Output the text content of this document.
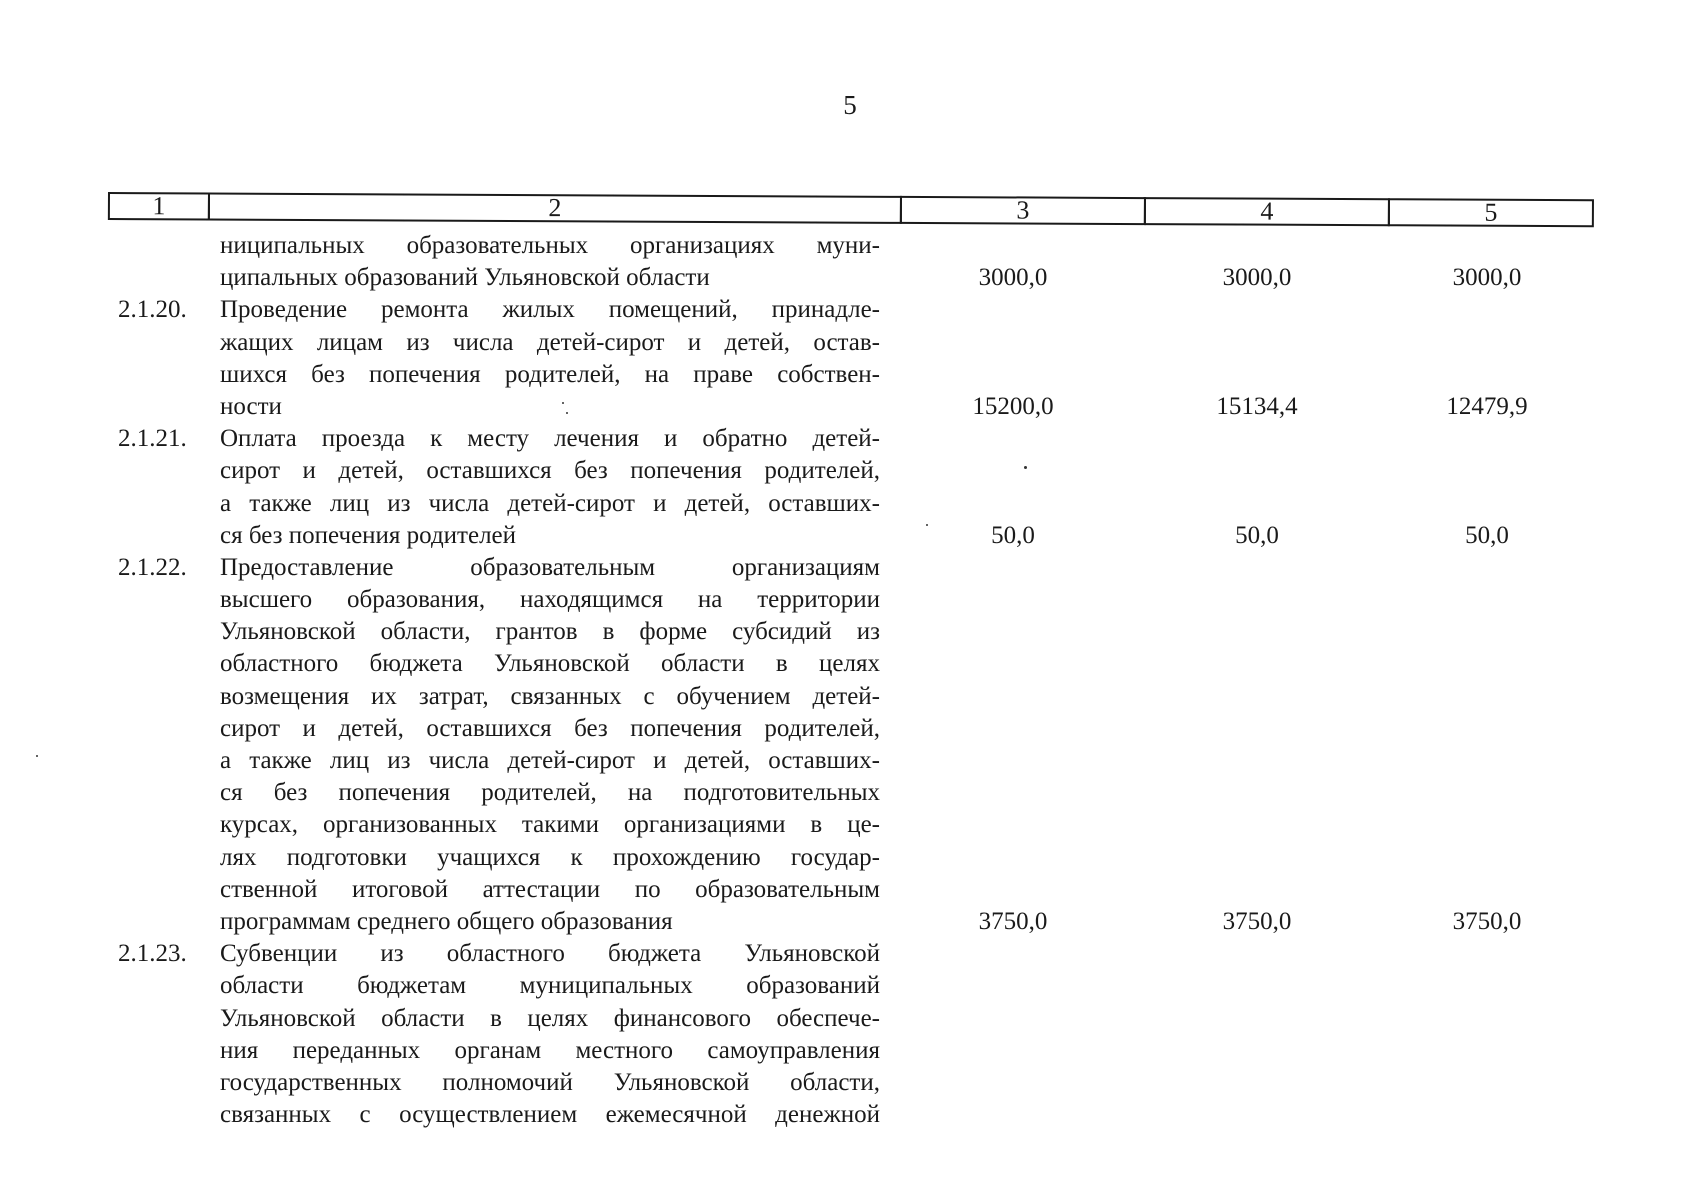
5
1	2	3	4	5
ниципальных образовательных организациях муни-
ципальных образований Ульяновской области	3000,0	3000,0	3000,0
2.1.20. Проведение ремонта жилых помещений, принадле-
жащих лицам из числа детей-сирот и детей, остав-
шихся без попечения родителей, на праве собствен-
ности	15200,0	15134,4	12479,9
2.1.21. Оплата проезда к месту лечения и обратно детей-
сирот и детей, оставшихся без попечения родителей,
а также лиц из числа детей-сирот и детей, оставших-
ся без попечения родителей	50,0	50,0	50,0
2.1.22. Предоставление образовательным организациям
высшего образования, находящимся на территории
Ульяновской области, грантов в форме субсидий из
областного бюджета Ульяновской области в целях
возмещения их затрат, связанных с обучением детей-
сирот и детей, оставшихся без попечения родителей,
а также лиц из числа детей-сирот и детей, оставших-
ся без попечения родителей, на подготовительных
курсах, организованных такими организациями в це-
лях подготовки учащихся к прохождению государ-
ственной итоговой аттестации по образовательным
программам среднего общего образования	3750,0	3750,0	3750,0
2.1.23. Субвенции из областного бюджета Ульяновской
области бюджетам муниципальных образований
Ульяновской области в целях финансового обеспече-
ния переданных органам местного самоуправления
государственных полномочий Ульяновской области,
связанных с осуществлением ежемесячной денежной
